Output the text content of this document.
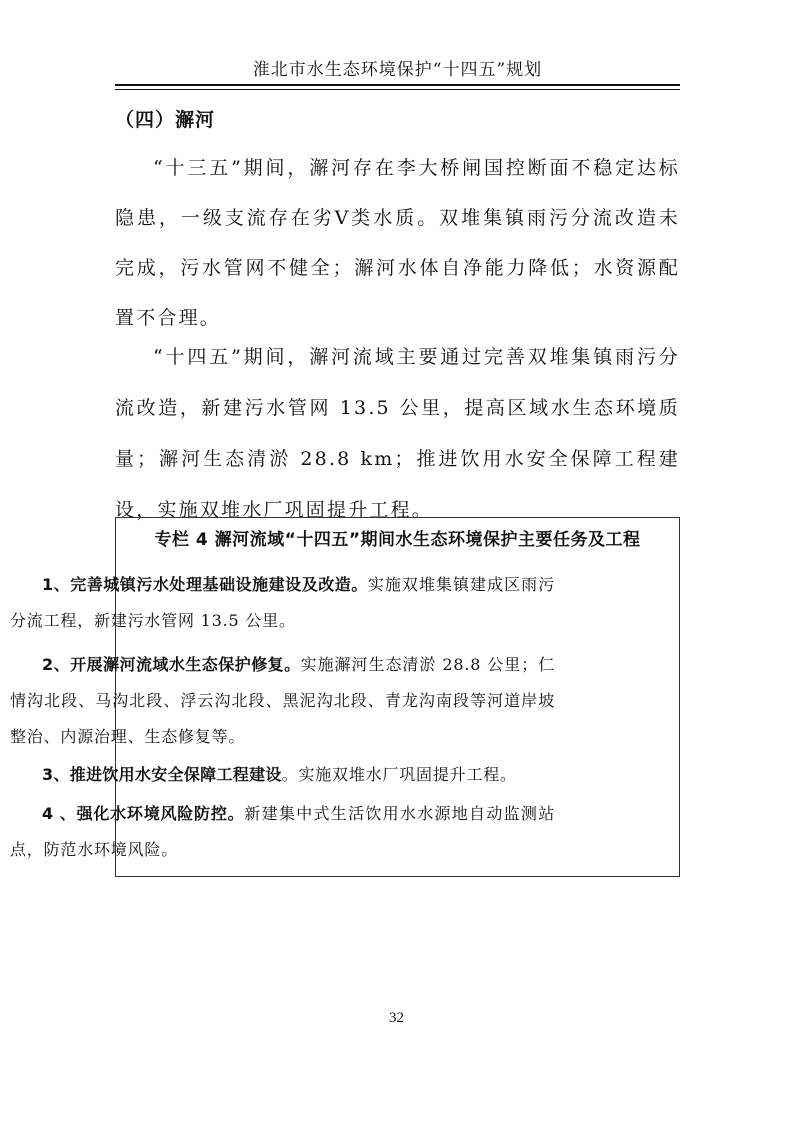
淮北市水生态环境保护“十四五”规划
（四）澥河

“十三五”期间，澥河存在李大桥闸国控断面不稳定达标隐患，一级支流存在劣V类水质。双堆集镇雨污分流改造未完成，污水管网不健全；澥河水体自净能力降低；水资源配置不合理。

“十四五”期间，澥河流域主要通过完善双堆集镇雨污分流改造，新建污水管网 13.5 公里，提高区域水生态环境质量；澥河生态清淤 28.8 km；推进饮用水安全保障工程建设，实施双堆水厂巩固提升工程。

专栏 4 澥河流域“十四五”期间水生态环境保护主要任务及工程

1、完善城镇污水处理基础设施建设及改造。实施双堆集镇建成区雨污分流工程，新建污水管网 13.5 公里。

2、开展澥河流域水生态保护修复。实施澥河生态清淤 28.8 公里；仁情沟北段、马沟北段、浮云沟北段、黑泥沟北段、青龙沟南段等河道岸坡整治、内源治理、生态修复等。

3、推进饮用水安全保障工程建设。实施双堆水厂巩固提升工程。

4 、强化水环境风险防控。新建集中式生活饮用水水源地自动监测站点，防范水环境风险。

32
